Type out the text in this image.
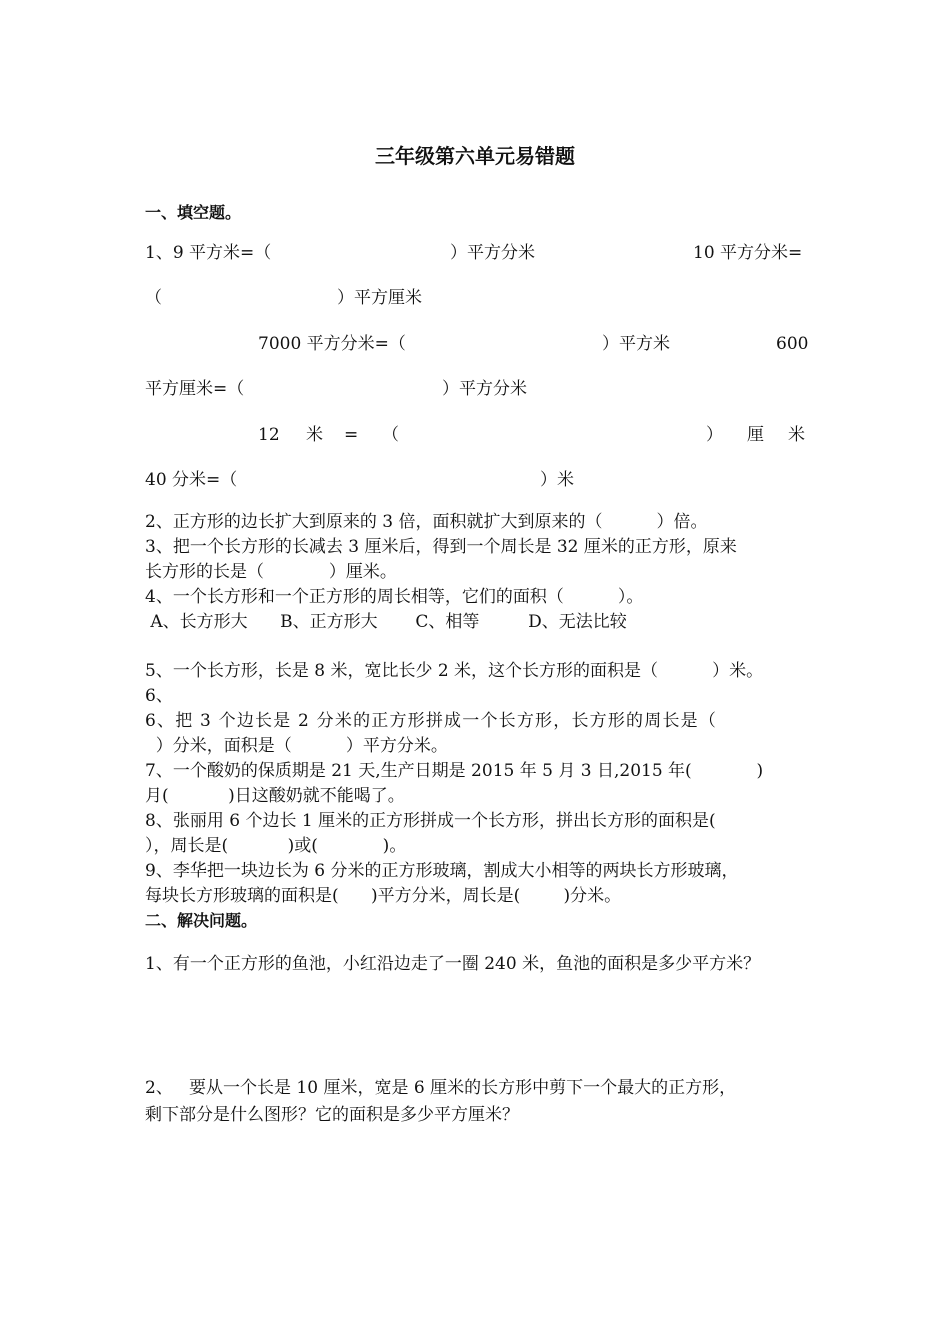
三年级第六单元易错题
一、填空题。
1、9 平方米=（	）平方分米	10 平方分米=
（	）平方厘米
7000 平方分米=（	）平方米	600
平方厘米=（	）平方分米
12 米 = （	） 厘 米
40 分米=（	）米
2、正方形的边长扩大到原来的 3 倍，面积就扩大到原来的（          ）倍。
3、把一个长方形的长减去 3 厘米后，得到一个周长是 32 厘米的正方形，原来
长方形的长是（            ）厘米。
4、一个长方形和一个正方形的周长相等，它们的面积（          ）。
A、长方形大      B、正方形大       C、相等         D、无法比较
5、一个长方形，长是 8 米，宽比长少 2 米，这个长方形的面积是（          ）米。
6、
6、把 3 个边长是 2 分米的正方形拼成一个长方形，长方形的周长是（
）分米，面积是（          ）平方分米。
7、一个酸奶的保质期是 21 天,生产日期是 2015 年 5 月 3 日,2015 年(            )
月(           )日这酸奶就不能喝了。
8、张丽用 6 个边长 1 厘米的正方形拼成一个长方形，拼出长方形的面积是(
），周长是(           )或(            )。
9、李华把一块边长为 6 分米的正方形玻璃，割成大小相等的两块长方形玻璃，
每块长方形玻璃的面积是(      )平方分米，周长是(        )分米。
二、解决问题。
1、有一个正方形的鱼池，小红沿边走了一圈 240 米，鱼池的面积是多少平方米？
2、   要从一个长是 10 厘米，宽是 6 厘米的长方形中剪下一个最大的正方形，
剩下部分是什么图形？它的面积是多少平方厘米？
